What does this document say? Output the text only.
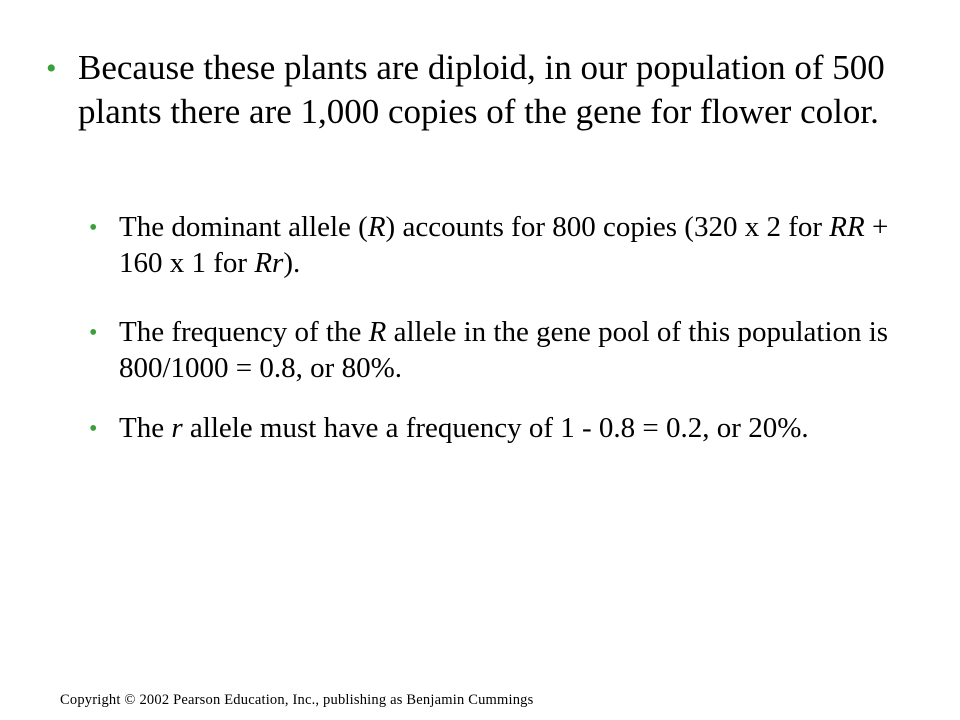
• Because these plants are diploid, in our population of 500 plants there are 1,000 copies of the gene for flower color.
• The dominant allele (R) accounts for 800 copies (320 x 2 for RR + 160 x 1 for Rr).
• The frequency of the R allele in the gene pool of this population is 800/1000 = 0.8, or 80%.
• The r allele must have a frequency of 1 - 0.8 = 0.2, or 20%.
Copyright © 2002 Pearson Education, Inc., publishing as Benjamin Cummings
